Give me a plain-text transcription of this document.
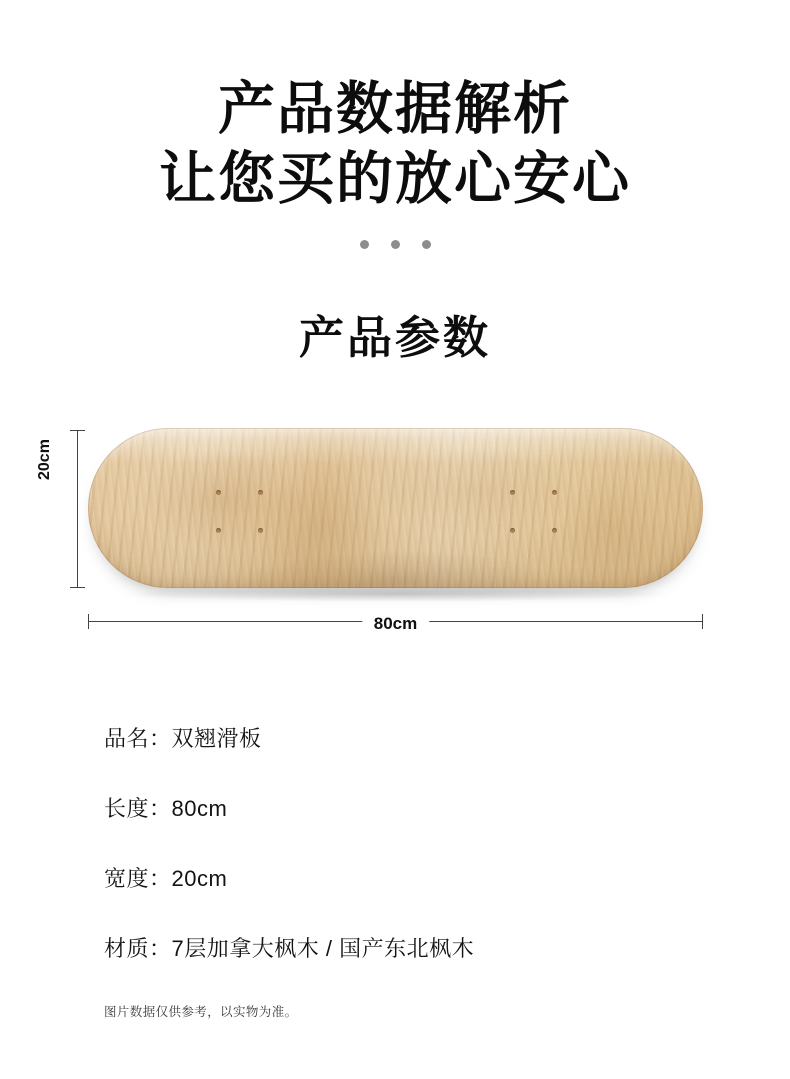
产品数据解析
让您买的放心安心
产品参数
20cm
80cm
品名：双翘滑板
长度：80cm
宽度：20cm
材质：7层加拿大枫木 / 国产东北枫木
图片数据仅供参考，以实物为准。
